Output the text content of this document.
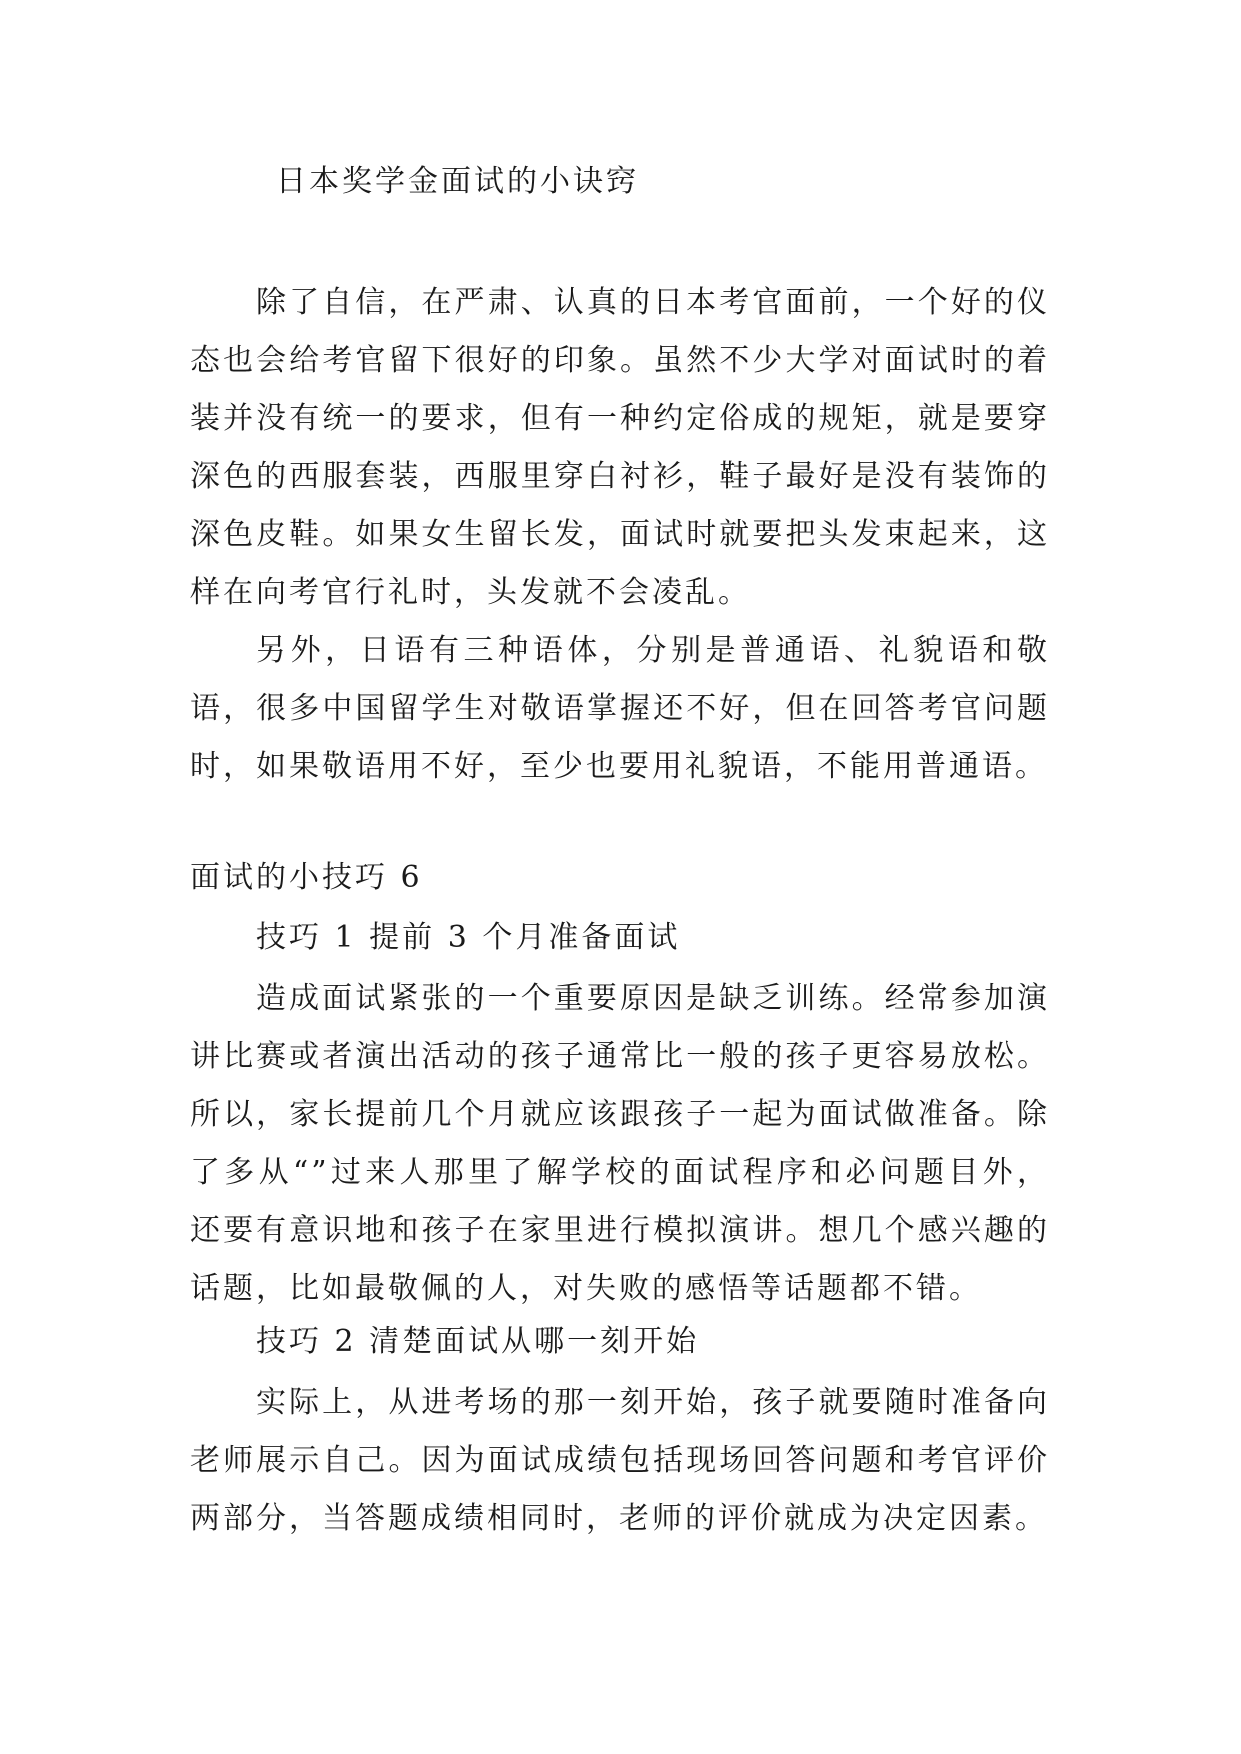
日本奖学金面试的小诀窍

除了自信，在严肃、认真的日本考官面前，一个好的仪态也会给考官留下很好的印象。虽然不少大学对面试时的着装并没有统一的要求，但有一种约定俗成的规矩，就是要穿深色的西服套装，西服里穿白衬衫，鞋子最好是没有装饰的深色皮鞋。如果女生留长发，面试时就要把头发束起来，这样在向考官行礼时，头发就不会凌乱。

另外，日语有三种语体，分别是普通语、礼貌语和敬语，很多中国留学生对敬语掌握还不好，但在回答考官问题时，如果敬语用不好，至少也要用礼貌语，不能用普通语。

面试的小技巧 6
技巧 1 提前 3 个月准备面试

造成面试紧张的一个重要原因是缺乏训练。经常参加演讲比赛或者演出活动的孩子通常比一般的孩子更容易放松。所以，家长提前几个月就应该跟孩子一起为面试做准备。除了多从“”过来人那里了解学校的面试程序和必问题目外，还要有意识地和孩子在家里进行模拟演讲。想几个感兴趣的话题，比如最敬佩的人，对失败的感悟等话题都不错。

技巧 2 清楚面试从哪一刻开始

实际上，从进考场的那一刻开始，孩子就要随时准备向老师展示自己。因为面试成绩包括现场回答问题和考官评价两部分，当答题成绩相同时，老师的评价就成为决定因素。
